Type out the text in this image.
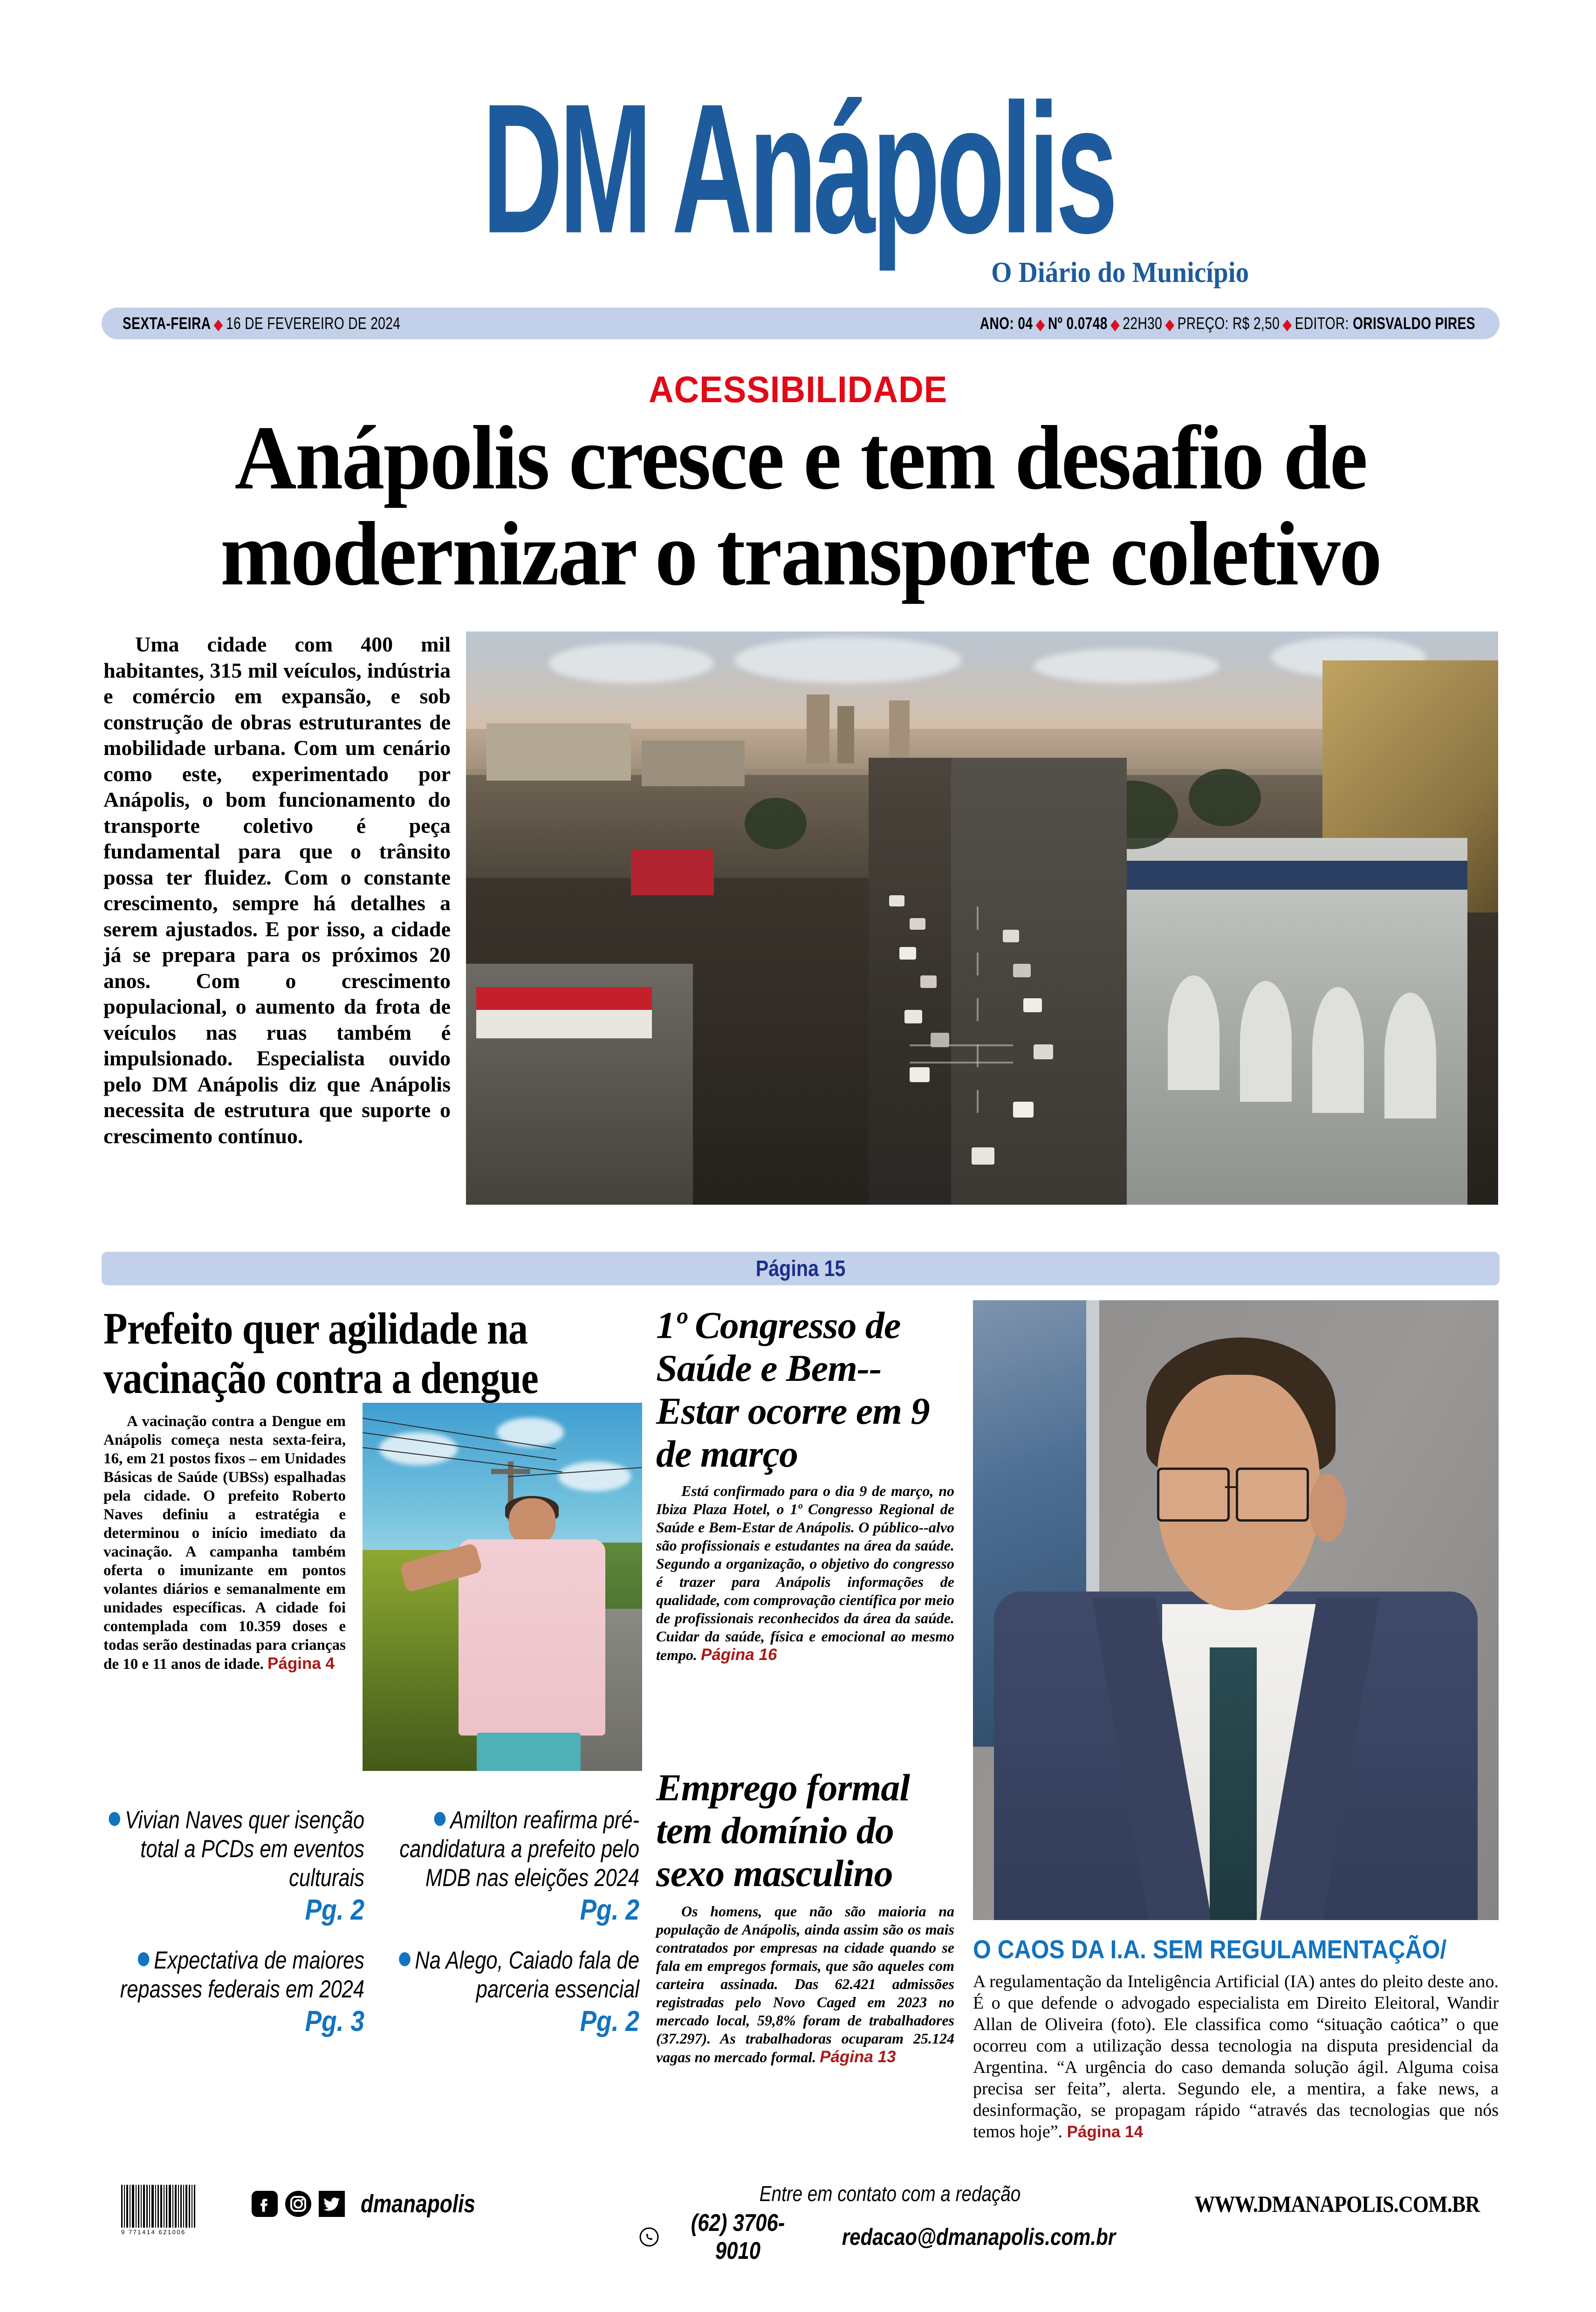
DM Anápolis
O Diário do Município
SEXTA-FEIRA ◆ 16 DE FEVEREIRO DE 2024	ANO: 04 ◆ Nº 0.0748 ◆ 22H30 ◆ PREÇO: R$ 2,50 ◆ EDITOR: ORISVALDO PIRES
ACESSIBILIDADE
Anápolis cresce e tem desafio de modernizar o transporte coletivo
Uma cidade com 400 mil habitantes, 315 mil veículos, indústria e comércio em expansão, e sob construção de obras estruturantes de mobilidade urbana. Com um cenário como este, experimentado por Anápolis, o bom funcionamento do transporte coletivo é peça fundamental para que o trânsito possa ter fluidez. Com o constante crescimento, sempre há detalhes a serem ajustados. E por isso, a cidade já se prepara para os próximos 20 anos. Com o crescimento populacional, o aumento da frota de veículos nas ruas também é impulsionado. Especialista ouvido pelo DM Anápolis diz que Anápolis necessita de estrutura que suporte o crescimento contínuo.
Página 15
Prefeito quer agilidade na vacinação contra a dengue
A vacinação contra a Dengue em Anápolis começa nesta sexta-feira, 16, em 21 postos fixos – em Unidades Básicas de Saúde (UBSs) espalhadas pela cidade. O prefeito Roberto Naves definiu a estratégia e determinou o início imediato da vacinação. A campanha também oferta o imunizante em pontos volantes diários e semanalmente em unidades específicas. A cidade foi contemplada com 10.359 doses e todas serão destinadas para crianças de 10 e 11 anos de idade. Página 4
1º Congresso de Saúde e Bem--Estar ocorre em 9 de março
Está confirmado para o dia 9 de março, no Ibiza Plaza Hotel, o 1º Congresso Regional de Saúde e Bem-Estar de Anápolis. O público--alvo são profissionais e estudantes na área da saúde. Segundo a organização, o objetivo do congresso é trazer para Anápolis informações de qualidade, com comprovação científica por meio de profissionais reconhecidos da área da saúde. Cuidar da saúde, física e emocional ao mesmo tempo. Página 16
Emprego formal tem domínio do sexo masculino
Os homens, que não são maioria na população de Anápolis, ainda assim são os mais contratados por empresas na cidade quando se fala em empregos formais, que são aqueles com carteira assinada. Das 62.421 admissões registradas pelo Novo Caged em 2023 no mercado local, 59,8% foram de trabalhadores (37.297). As trabalhadoras ocuparam 25.124 vagas no mercado formal. Página 13
Vivian Naves quer isenção total a PCDs em eventos culturais
Pg. 2
Amilton reafirma pré-candidatura a prefeito pelo MDB nas eleições 2024
Pg. 2
Expectativa de maiores repasses federais em 2024
Pg. 3
Na Alego, Caiado fala de parceria essencial
Pg. 2
O CAOS DA I.A. SEM REGULAMENTAÇÃO/
A regulamentação da Inteligência Artificial (IA) antes do pleito deste ano. É o que defende o advogado especialista em Direito Eleitoral, Wandir Allan de Oliveira (foto). Ele classifica como “situação caótica” o que ocorreu com a utilização dessa tecnologia na disputa presidencial da Argentina. “A urgência do caso demanda solução ágil. Alguma coisa precisa ser feita”, alerta. Segundo ele, a mentira, a fake news, a desinformação, se propagam rápido “através das tecnologias que nós temos hoje”. Página 14
9 771414 621006
dmanapolis	Entre em contato com a redação
(62) 3706-9010
redacao@dmanapolis.com.br
WWW.DMANAPOLIS.COM.BR
